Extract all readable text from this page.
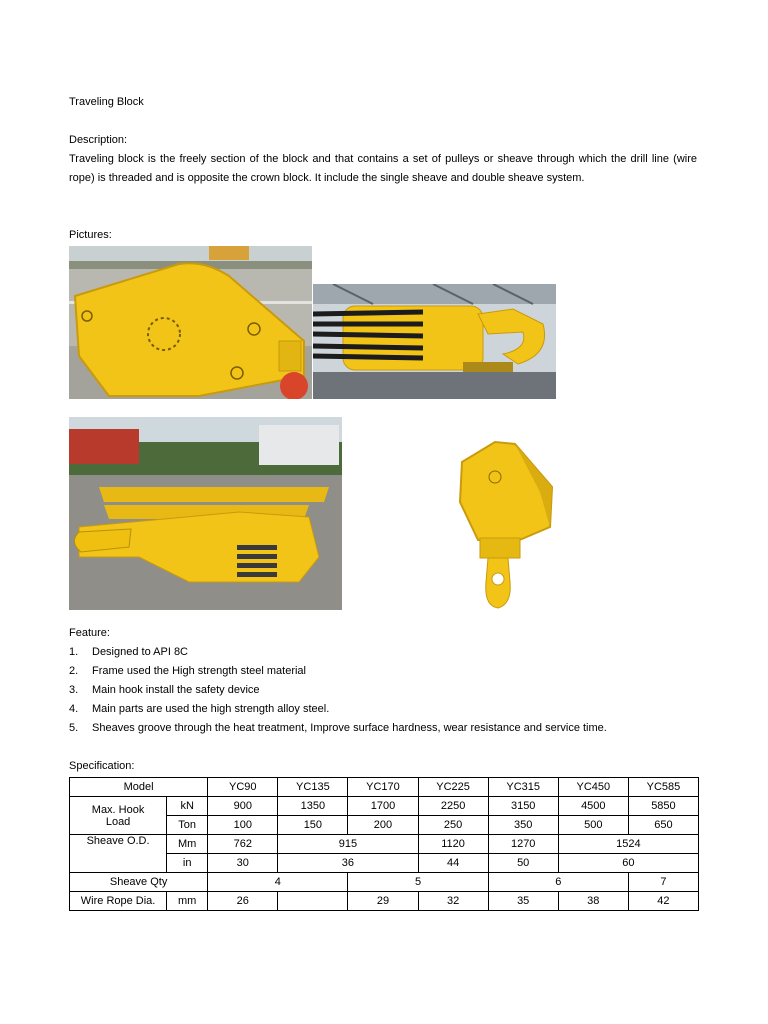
Traveling Block
Description:
Traveling block is the freely section of the block and that contains a set of pulleys or sheave through which the drill line (wire rope) is threaded and is opposite the crown block. It include the single sheave and double sheave system.
Pictures:
Feature:
1. Designed to API 8C
2. Frame used the High strength steel material
3. Main hook install the safety device
4. Main parts are used the high strength alloy steel.
5. Sheaves groove through the heat treatment, Improve surface hardness, wear resistance and service time.
Specification:
Model		YC90	YC135	YC170	YC225	YC315	YC450	YC585
Max. Hook
Load	kN	900	1350	1700	2250	3150	4500	5850
	Ton	100	150	200	250	350	500	650
Sheave O.D.	Mm	762	915		1120	1270	1524	
	in	30	36		44	50	60	
Sheave Qty		4		5		6		7
Wire Rope Dia.	mm	26		29	32	35	38	42
